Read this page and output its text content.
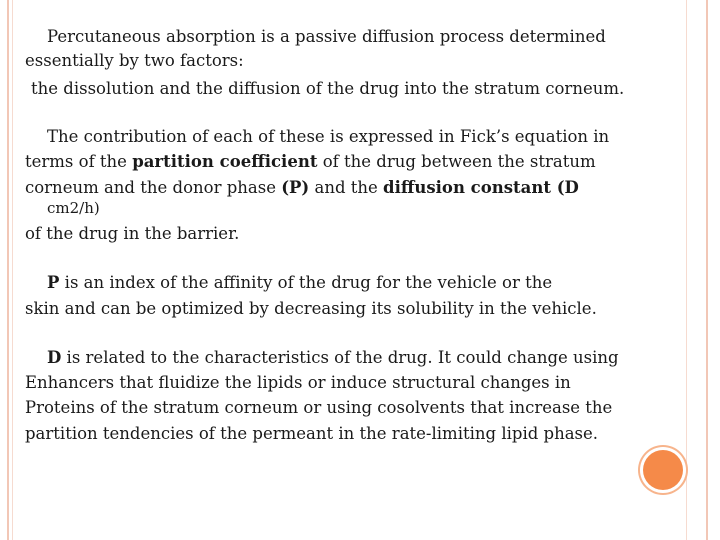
Percutaneous absorption is a passive diffusion process determined
essentially by two factors:
the dissolution and the diffusion of the drug into the stratum corneum.
The contribution of each of these is expressed in Fick’s equation in
terms of the partition coefficient of the drug between the stratum
corneum and the donor phase (P) and the diffusion constant (D
cm2/h)
of the drug in the barrier.
P is an index of the affinity of the drug for the vehicle or the
skin and can be optimized by decreasing its solubility in the vehicle.
D is related to the characteristics of the drug. It could change using
Enhancers that fluidize the lipids or induce structural changes in
Proteins of the stratum corneum or using cosolvents that increase the
partition tendencies of the permeant in the rate-limiting lipid phase.
